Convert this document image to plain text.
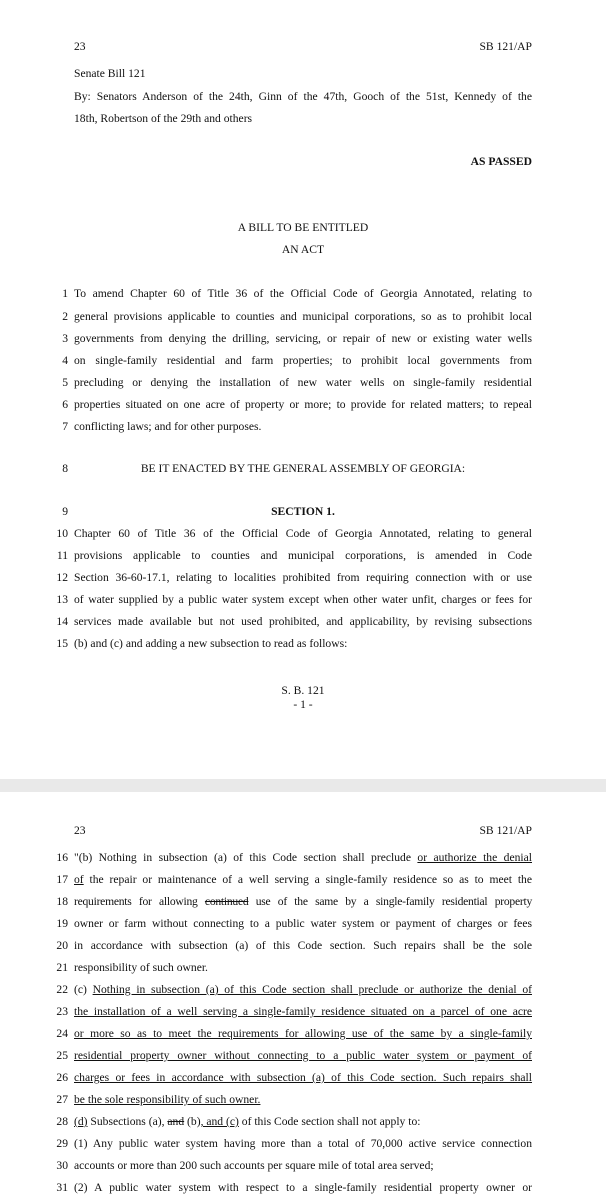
23	SB 121/AP
Senate Bill 121
By: Senators Anderson of the 24th, Ginn of the 47th, Gooch of the 51st, Kennedy of the
18th, Robertson of the 29th and others
AS PASSED
A BILL TO BE ENTITLED
AN ACT
1 To amend Chapter 60 of Title 36 of the Official Code of Georgia Annotated, relating to
2 general provisions applicable to counties and municipal corporations, so as to prohibit local
3 governments from denying the drilling, servicing, or repair of new or existing water wells
4 on single-family residential and farm properties; to prohibit local governments from
5 precluding or denying the installation of new water wells on single-family residential
6 properties situated on one acre of property or more; to provide for related matters; to repeal
7 conflicting laws; and for other purposes.
8	BE IT ENACTED BY THE GENERAL ASSEMBLY OF GEORGIA:
9	SECTION 1.
10 Chapter 60 of Title 36 of the Official Code of Georgia Annotated, relating to general
11 provisions applicable to counties and municipal corporations, is amended in Code
12 Section 36-60-17.1, relating to localities prohibited from requiring connection with or use
13 of water supplied by a public water system except when other water unfit, charges or fees for
14 services made available but not used prohibited, and applicability, by revising subsections
15 (b) and (c) and adding a new subsection to read as follows:
S. B. 121
- 1 -
23	SB 121/AP
16 "(b) Nothing in subsection (a) of this Code section shall preclude or authorize the denial
17 of the repair or maintenance of a well serving a single-family residence so as to meet the
18 requirements for allowing continued use of the same by a single-family residential property
19 owner or farm without connecting to a public water system or payment of charges or fees
20 in accordance with subsection (a) of this Code section. Such repairs shall be the sole
21 responsibility of such owner.
22 (c) Nothing in subsection (a) of this Code section shall preclude or authorize the denial of
23 the installation of a well serving a single-family residence situated on a parcel of one acre
24 or more so as to meet the requirements for allowing use of the same by a single-family
25 residential property owner without connecting to a public water system or payment of
26 charges or fees in accordance with subsection (a) of this Code section. Such repairs shall
27 be the sole responsibility of such owner.
28 (d) Subsections (a), and (b), and (c) of this Code section shall not apply to:
29 (1) Any public water system having more than a total of 70,000 active service connection
30 accounts or more than 200 such accounts per square mile of total area served;
31 (2) A public water system with respect to a single-family residential property owner or
